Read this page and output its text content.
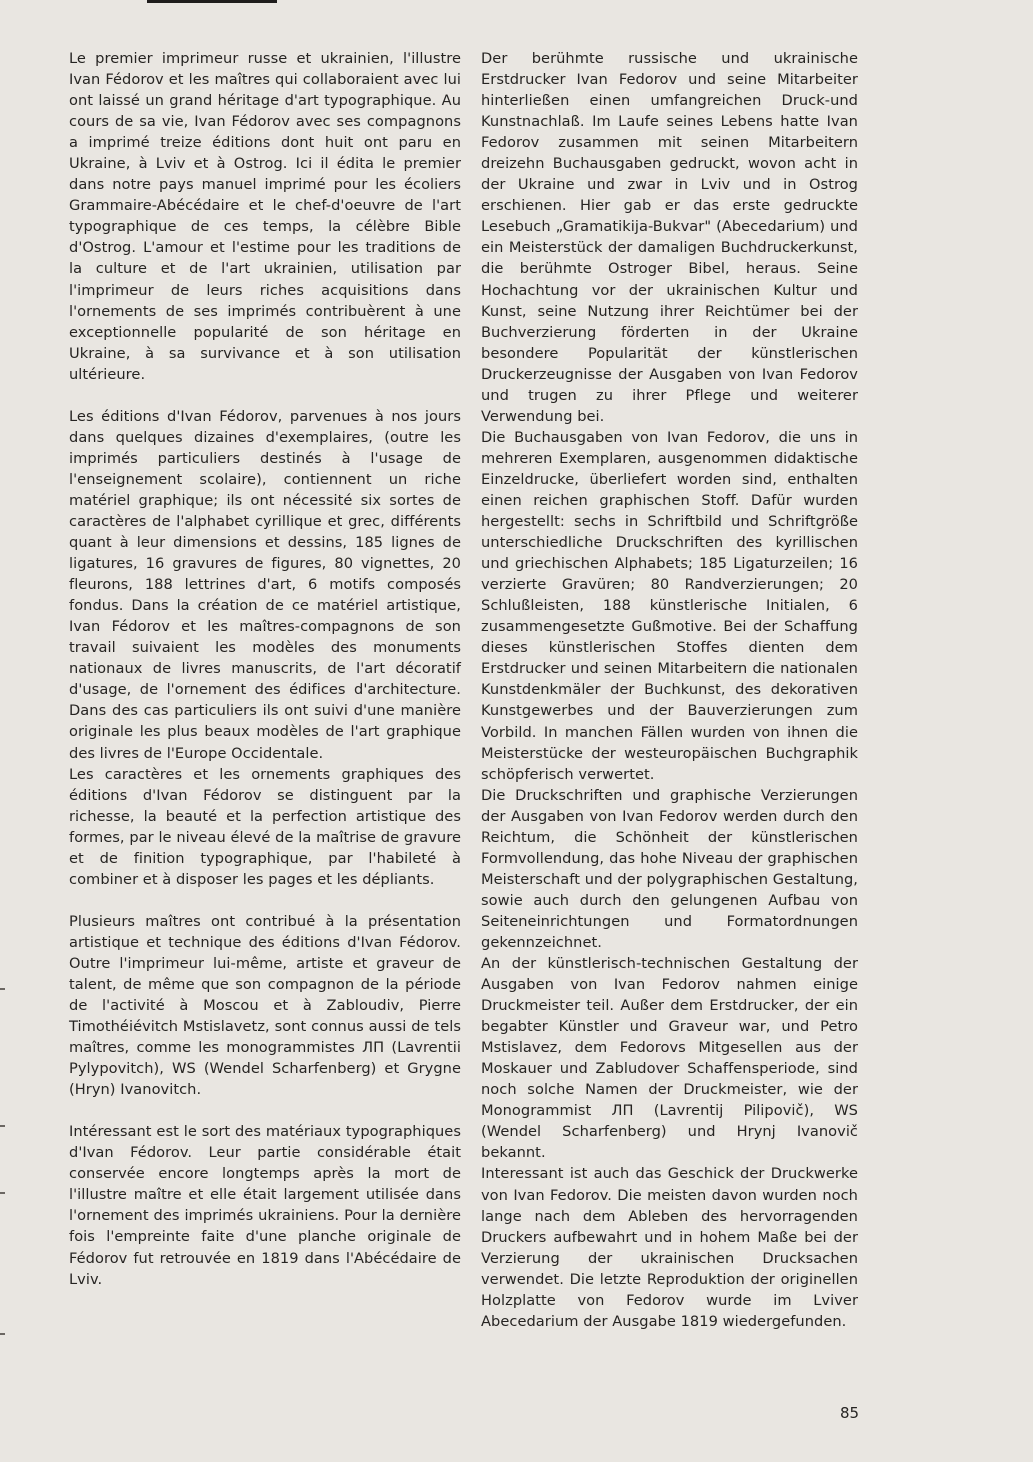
Le premier imprimeur russe et ukrainien, l'illustre Ivan Fédorov et les maîtres qui collaboraient avec lui ont laissé un grand héritage d'art typographique. Au cours de sa vie, Ivan Fédorov avec ses compagnons a imprimé treize éditions dont huit ont paru en Ukraine, à Lviv et à Ostrog. Ici il édita le premier dans notre pays manuel imprimé pour les écoliers Grammaire-Abécédaire et le chef-d'oeuvre de l'art typographique de ces temps, la célèbre Bible d'Ostrog. L'amour et l'estime pour les traditions de la culture et de l'art ukrainien, utilisation par l'imprimeur de leurs riches acquisitions dans l'ornements de ses imprimés contribuèrent à une exceptionnelle popularité de son héritage en Ukraine, à sa survivance et à son utilisation ultérieure.

Les éditions d'Ivan Fédorov, parvenues à nos jours dans quelques dizaines d'exemplaires, (outre les imprimés particuliers destinés à l'usage de l'enseignement scolaire), contiennent un riche matériel graphique; ils ont nécessité six sortes de caractères de l'alphabet cyrillique et grec, différents quant à leur dimensions et dessins, 185 lignes de ligatures, 16 gravures de figures, 80 vignettes, 20 fleurons, 188 lettrines d'art, 6 motifs composés fondus. Dans la création de ce matériel artistique, Ivan Fédorov et les maîtres-compagnons de son travail suivaient les modèles des monuments nationaux de livres manuscrits, de l'art décoratif d'usage, de l'ornement des édifices d'architecture. Dans des cas particuliers ils ont suivi d'une manière originale les plus beaux modèles de l'art graphique des livres de l'Europe Occidentale.

Les caractères et les ornements graphiques des éditions d'Ivan Fédorov se distinguent par la richesse, la beauté et la perfection artistique des formes, par le niveau élevé de la maîtrise de gravure et de finition typographique, par l'habileté à combiner et à disposer les pages et les dépliants.

Plusieurs maîtres ont contribué à la présentation artistique et technique des éditions d'Ivan Fédorov. Outre l'imprimeur lui-même, artiste et graveur de talent, de même que son compagnon de la période de l'activité à Moscou et à Zabloudiv, Pierre Timothéiévitch Mstislavetz, sont connus aussi de tels maîtres, comme les monogrammistes ЛП (Lavrentii Pylypovitch), WS (Wendel Scharfenberg) et Grygne (Hryn) Ivanovitch.

Intéressant est le sort des matériaux typographiques d'Ivan Fédorov. Leur partie considérable était conservée encore longtemps après la mort de l'illustre maître et elle était largement utilisée dans l'ornement des imprimés ukrainiens. Pour la dernière fois l'empreinte faite d'une planche originale de Fédorov fut retrouvée en 1819 dans l'Abécédaire de Lviv.

Der berühmte russische und ukrainische Erstdrucker Ivan Fedorov und seine Mitarbeiter hinterließen einen umfangreichen Druck-und Kunstnachlaß. Im Laufe seines Lebens hatte Ivan Fedorov zusammen mit seinen Mitarbeitern dreizehn Buchausgaben gedruckt, wovon acht in der Ukraine und zwar in Lviv und in Ostrog erschienen. Hier gab er das erste gedruckte Lesebuch „Gramatikija-Bukvar" (Abecedarium) und ein Meisterstück der damaligen Buchdruckerkunst, die berühmte Ostroger Bibel, heraus. Seine Hochachtung vor der ukrainischen Kultur und Kunst, seine Nutzung ihrer Reichtümer bei der Buchverzierung förderten in der Ukraine besondere Popularität der künstlerischen Druckerzeugnisse der Ausgaben von Ivan Fedorov und trugen zu ihrer Pflege und weiterer Verwendung bei.

Die Buchausgaben von Ivan Fedorov, die uns in mehreren Exemplaren, ausgenommen didaktische Einzeldrucke, überliefert worden sind, enthalten einen reichen graphischen Stoff. Dafür wurden hergestellt: sechs in Schriftbild und Schriftgröße unterschiedliche Druckschriften des kyrillischen und griechischen Alphabets; 185 Ligaturzeilen; 16 verzierte Gravüren; 80 Randverzierungen; 20 Schlußleisten, 188 künstlerische Initialen, 6 zusammengesetzte Gußmotive. Bei der Schaffung dieses künstlerischen Stoffes dienten dem Erstdrucker und seinen Mitarbeitern die nationalen Kunstdenkmäler der Buchkunst, des dekorativen Kunstgewerbes und der Bauverzierungen zum Vorbild. In manchen Fällen wurden von ihnen die Meisterstücke der westeuropäischen Buchgraphik schöpferisch verwertet.

Die Druckschriften und graphische Verzierungen der Ausgaben von Ivan Fedorov werden durch den Reichtum, die Schönheit der künstlerischen Formvollendung, das hohe Niveau der graphischen Meisterschaft und der polygraphischen Gestaltung, sowie auch durch den gelungenen Aufbau von Seiteneinrichtungen und Formatordnungen gekennzeichnet.

An der künstlerisch-technischen Gestaltung der Ausgaben von Ivan Fedorov nahmen einige Druckmeister teil. Außer dem Erstdrucker, der ein begabter Künstler und Graveur war, und Petro Mstislavez, dem Fedorovs Mitgesellen aus der Moskauer und Zabludover Schaffensperiode, sind noch solche Namen der Druckmeister, wie der Monogrammist ЛП (Lavrentij Pilipovič), WS (Wendel Scharfenberg) und Hrynj Ivanovič bekannt.

Interessant ist auch das Geschick der Druckwerke von Ivan Fedorov. Die meisten davon wurden noch lange nach dem Ableben des hervorragenden Druckers aufbewahrt und in hohem Maße bei der Verzierung der ukrainischen Drucksachen verwendet. Die letzte Reproduktion der originellen Holzplatte von Fedorov wurde im Lviver Abecedarium der Ausgabe 1819 wiedergefunden.

85
